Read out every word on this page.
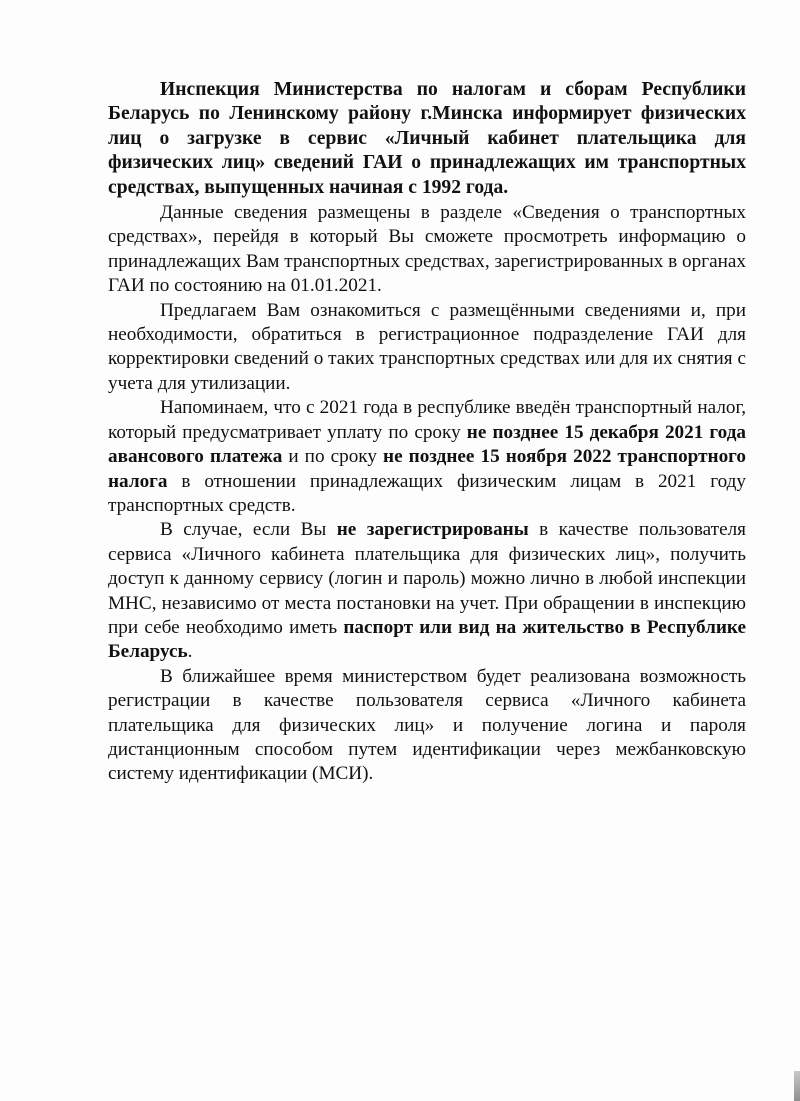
Инспекция Министерства по налогам и сборам Республики Беларусь по Ленинскому району г.Минска информирует физических лиц о загрузке в сервис «Личный кабинет плательщика для физических лиц» сведений ГАИ о принадлежащих им транспортных средствах, выпущенных начиная с 1992 года.

Данные сведения размещены в разделе «Сведения о транспортных средствах», перейдя в который Вы сможете просмотреть информацию о принадлежащих Вам транспортных средствах, зарегистрированных в органах ГАИ по состоянию на 01.01.2021.

Предлагаем Вам ознакомиться с размещёнными сведениями и, при необходимости, обратиться в регистрационное подразделение ГАИ для корректировки сведений о таких транспортных средствах или для их снятия с учета для утилизации.

Напоминаем, что с 2021 года в республике введён транспортный налог, который предусматривает уплату по сроку не позднее 15 декабря 2021 года авансового платежа и по сроку не позднее 15 ноября 2022 транспортного налога в отношении принадлежащих физическим лицам в 2021 году транспортных средств.

В случае, если Вы не зарегистрированы в качестве пользователя сервиса «Личного кабинета плательщика для физических лиц», получить доступ к данному сервису (логин и пароль) можно лично в любой инспекции МНС, независимо от места постановки на учет. При обращении в инспекцию при себе необходимо иметь паспорт или вид на жительство в Республике Беларусь.

В ближайшее время министерством будет реализована возможность регистрации в качестве пользователя сервиса «Личного кабинета плательщика для физических лиц» и получение логина и пароля дистанционным способом путем идентификации через межбанковскую систему идентификации (МСИ).
